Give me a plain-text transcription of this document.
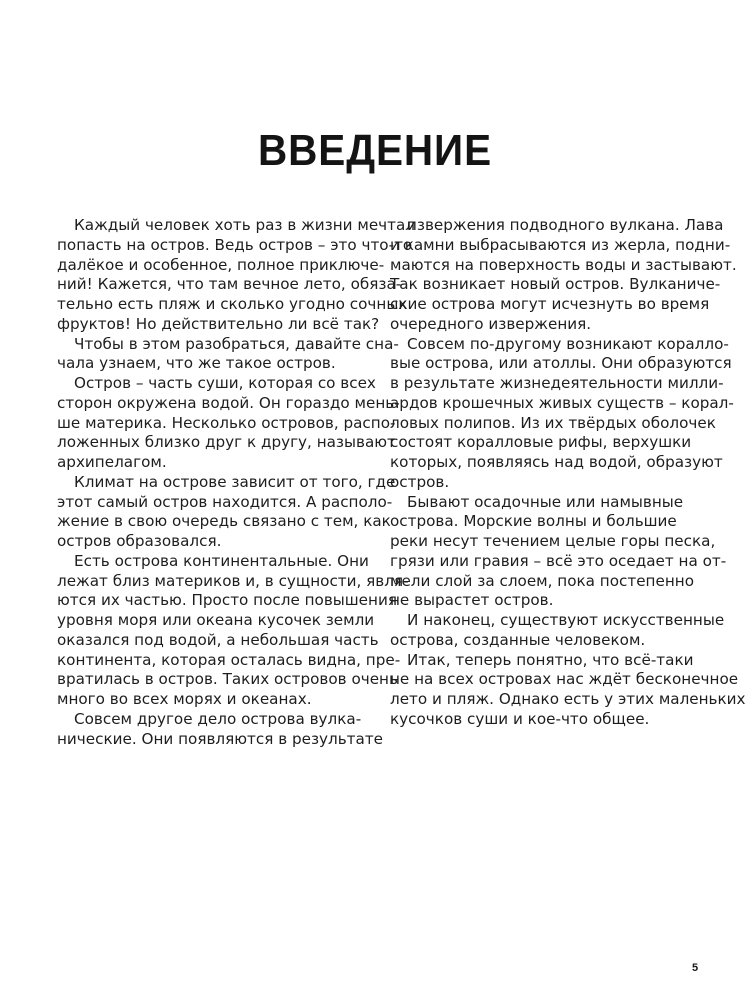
ВВЕДЕНИЕ

Каждый человек хоть раз в жизни мечтал
попасть на остров. Ведь остров – это что-то
далёкое и особенное, полное приключе-
ний! Кажется, что там вечное лето, обяза-
тельно есть пляж и сколько угодно сочных
фруктов! Но действительно ли всё так?

Чтобы в этом разобраться, давайте сна-
чала узнаем, что же такое остров.

Остров – часть суши, которая со всех
сторон окружена водой. Он гораздо мень-
ше материка. Несколько островов, распо-
ложенных близко друг к другу, называют
архипелагом.

Климат на острове зависит от того, где
этот самый остров находится. А располо-
жение в свою очередь связано с тем, как
остров образовался.

Есть острова континентальные. Они
лежат близ материков и, в сущности, явля-
ются их частью. Просто после повышения
уровня моря или океана кусочек земли
оказался под водой, а небольшая часть
континента, которая осталась видна, пре-
вратилась в остров. Таких островов очень
много во всех морях и океанах.

Совсем другое дело острова вулка-
нические. Они появляются в результате

извержения подводного вулкана. Лава
и камни выбрасываются из жерла, подни-
маются на поверхность воды и застывают.
Так возникает новый остров. Вулканиче-
ские острова могут исчезнуть во время
очередного извержения.

Совсем по-другому возникают коралло-
вые острова, или атоллы. Они образуются
в результате жизнедеятельности милли-
ардов крошечных живых существ – корал-
ловых полипов. Из их твёрдых оболочек
состоят коралловые рифы, верхушки
которых, появляясь над водой, образуют
остров.

Бывают осадочные или намывные
острова. Морские волны и большие
реки несут течением целые горы песка,
грязи или гравия – всё это оседает на от-
мели слой за слоем, пока постепенно
не вырастет остров.

И наконец, существуют искусственные
острова, созданные человеком.

Итак, теперь понятно, что всё-таки
не на всех островах нас ждёт бесконечное
лето и пляж. Однако есть у этих маленьких
кусочков суши и кое-что общее.

5
